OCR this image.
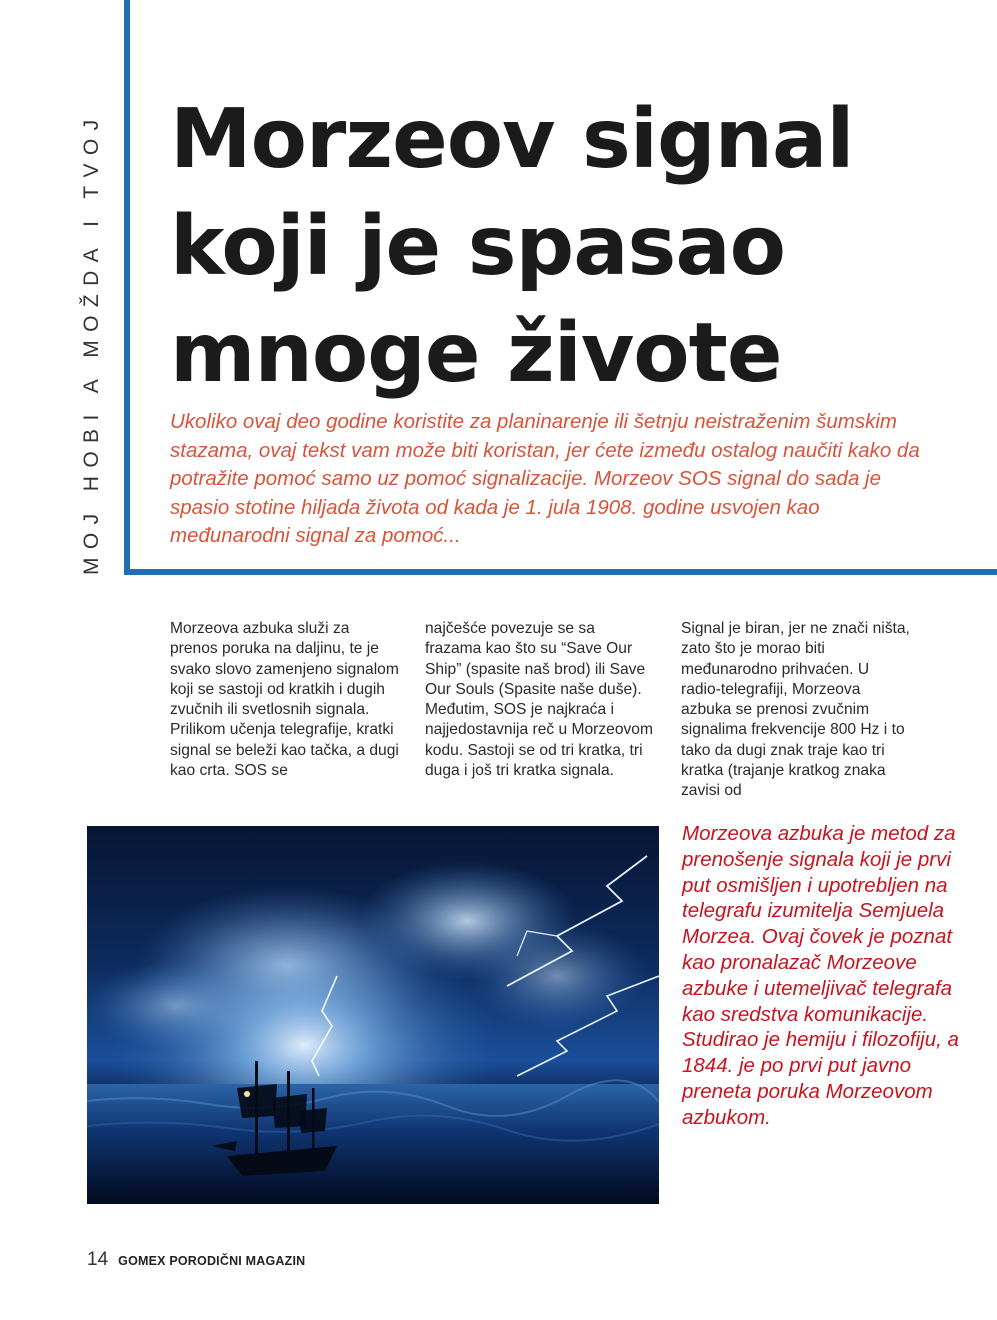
MOJ HOBI A MOŽDA I TVOJ Morzeov signal koji je spasao mnoge živote

Ukoliko ovaj deo godine koristite za planinarenje ili šetnju neistraženim šumskim stazama, ovaj tekst vam može biti koristan, jer ćete između ostalog naučiti kako da potražite pomoć samo uz pomoć signalizacije. Morzeov SOS signal do sada je spasio stotine hiljada života od kada je 1. jula 1908. godine usvojen kao međunarodni signal za pomoć...

Morzeova azbuka služi za prenos poruka na daljinu, te je svako slovo zamenjeno signalom koji se sastoji od kratkih i dugih zvučnih ili svetlosnih signala. Prilikom učenja telegrafije, kratki signal se beleži kao tačka, a dugi kao crta. SOS se

najčešće povezuje se sa frazama kao što su “Save Our Ship” (spasite naš brod) ili Save Our Souls (Spasite naše duše). Međutim, SOS je najkraća i najjedostavnija reč u Morzeovom kodu. Sastoji se od tri kratka, tri duga i još tri kratka signala.

Signal je biran, jer ne znači ništa, zato što je morao biti međunarodno prihvaćen. U radio-telegrafiji, Morzeova azbuka se prenosi zvučnim signalima frekvencije 800 Hz i to tako da dugi znak traje kao tri kratka (trajanje kratkog znaka zavisi od

Morzeova azbuka je metod za prenošenje signala koji je prvi put osmišljen i upotrebljen na telegrafu izumitelja Semjuela Morzea. Ovaj čovek je poznat kao pronalazač Morzeove azbuke i utemeljivač telegrafa kao sredstva komunikacije. Studirao je hemiju i filozofiju, a 1844. je po prvi put javno preneta poruka Morzeovom azbukom.

14 GOMEX PORODIČNI MAGAZIN
